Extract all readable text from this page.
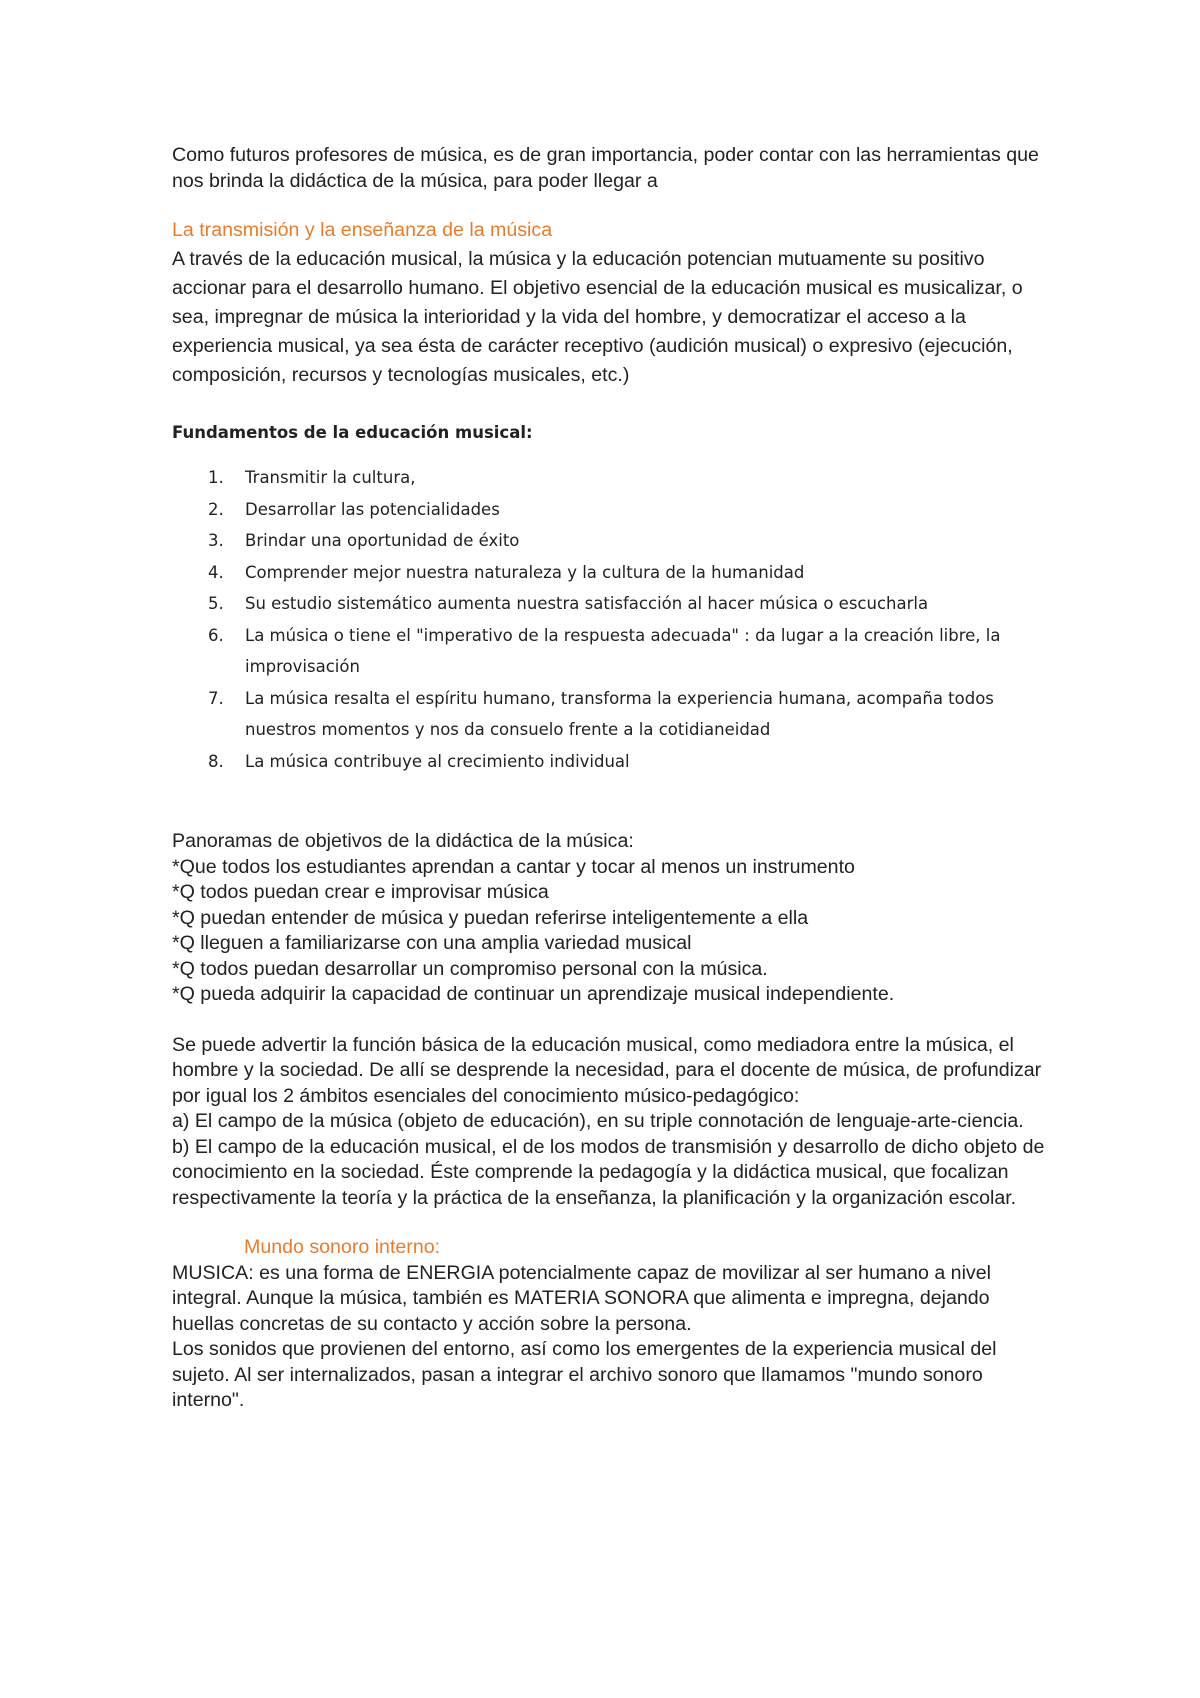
Como futuros profesores de música, es de gran importancia, poder contar con las herramientas que nos brinda la didáctica de la música, para poder llegar a

La transmisión y la enseñanza de la música

A través de la educación musical, la música y la educación potencian mutuamente su positivo accionar para el desarrollo humano. El objetivo esencial de la educación musical es musicalizar, o sea, impregnar de música la interioridad y la vida del hombre, y democratizar el acceso a la experiencia musical, ya sea ésta de carácter receptivo (audición musical) o expresivo (ejecución, composición, recursos y tecnologías musicales, etc.)

Fundamentos de la educación musical:

1. Transmitir la cultura,
2. Desarrollar las potencialidades
3. Brindar una oportunidad de éxito
4. Comprender mejor nuestra naturaleza y la cultura de la humanidad
5. Su estudio sistemático aumenta nuestra satisfacción al hacer música o escucharla
6. La música o tiene el "imperativo de la respuesta adecuada" : da lugar a la creación libre, la improvisación
7. La música resalta el espíritu humano, transforma la experiencia humana, acompaña todos nuestros momentos y nos da consuelo frente a la cotidianeidad
8. La música contribuye al crecimiento individual

Panoramas de objetivos de la didáctica de la música:

*Que todos los estudiantes aprendan a cantar y tocar al menos un instrumento

*Q todos puedan crear e improvisar música

*Q puedan entender de música y puedan referirse inteligentemente a ella

*Q lleguen a familiarizarse con una amplia variedad musical

*Q todos puedan desarrollar un compromiso personal con la música.

*Q pueda adquirir la capacidad de continuar un aprendizaje musical independiente.

Se puede advertir la función básica de la educación musical, como mediadora entre la música, el hombre y la sociedad. De allí se desprende la necesidad, para el docente de música, de profundizar por igual los 2 ámbitos esenciales del conocimiento músico-pedagógico:

a) El campo de la música (objeto de educación), en su triple connotación de lenguaje-arte-ciencia.

b) El campo de la educación musical, el de los modos de transmisión y desarrollo de dicho objeto de conocimiento en la sociedad. Éste comprende la pedagogía y la didáctica musical, que focalizan respectivamente la teoría y la práctica de la enseñanza, la planificación y la organización escolar.

Mundo sonoro interno:

MUSICA: es una forma de ENERGIA potencialmente capaz de movilizar al ser humano a nivel integral. Aunque la música, también es MATERIA SONORA que alimenta e impregna, dejando huellas concretas de su contacto y acción sobre la persona.

Los sonidos que provienen del entorno, así como los emergentes de la experiencia musical del sujeto. Al ser internalizados, pasan a integrar el archivo sonoro que llamamos "mundo sonoro interno".
